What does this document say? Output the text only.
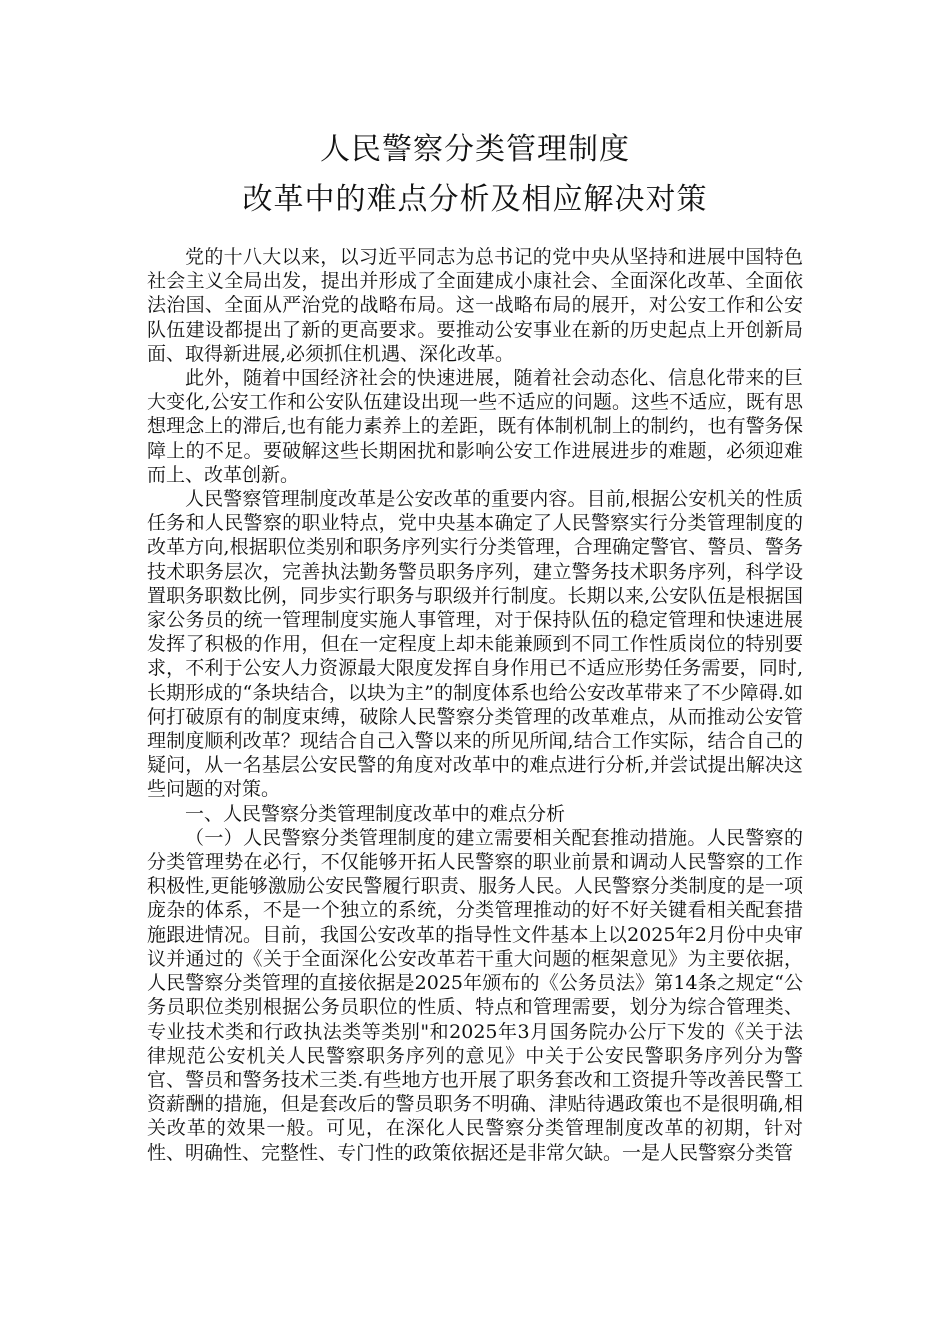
人民警察分类管理制度
改革中的难点分析及相应解决对策

党的十八大以来，以习近平同志为总书记的党中央从坚持和进展中国特色社会主义全局出发，提出并形成了全面建成小康社会、全面深化改革、全面依法治国、全面从严治党的战略布局。这一战略布局的展开，对公安工作和公安队伍建设都提出了新的更高要求。要推动公安事业在新的历史起点上开创新局面、取得新进展,必须抓住机遇、深化改革。

此外，随着中国经济社会的快速进展，随着社会动态化、信息化带来的巨大变化,公安工作和公安队伍建设出现一些不适应的问题。这些不适应，既有思想理念上的滞后,也有能力素养上的差距，既有体制机制上的制约，也有警务保障上的不足。要破解这些长期困扰和影响公安工作进展进步的难题，必须迎难而上、改革创新。

人民警察管理制度改革是公安改革的重要内容。目前,根据公安机关的性质任务和人民警察的职业特点，党中央基本确定了人民警察实行分类管理制度的改革方向,根据职位类别和职务序列实行分类管理，合理确定警官、警员、警务技术职务层次，完善执法勤务警员职务序列，建立警务技术职务序列，科学设置职务职数比例，同步实行职务与职级并行制度。长期以来,公安队伍是根据国家公务员的统一管理制度实施人事管理，对于保持队伍的稳定管理和快速进展发挥了积极的作用，但在一定程度上却未能兼顾到不同工作性质岗位的特别要求，不利于公安人力资源最大限度发挥自身作用已不适应形势任务需要，同时,长期形成的“条块结合，以块为主”的制度体系也给公安改革带来了不少障碍.如何打破原有的制度束缚，破除人民警察分类管理的改革难点，从而推动公安管理制度顺利改革？现结合自己入警以来的所见所闻,结合工作实际，结合自己的疑问，从一名基层公安民警的角度对改革中的难点进行分析,并尝试提出解决这些问题的对策。

一、人民警察分类管理制度改革中的难点分析

（一）人民警察分类管理制度的建立需要相关配套推动措施。人民警察的分类管理势在必行，不仅能够开拓人民警察的职业前景和调动人民警察的工作积极性,更能够激励公安民警履行职责、服务人民。人民警察分类制度的是一项庞杂的体系，不是一个独立的系统，分类管理推动的好不好关键看相关配套措施跟进情况。目前，我国公安改革的指导性文件基本上以2025年2月份中央审议并通过的《关于全面深化公安改革若干重大问题的框架意见》为主要依据，人民警察分类管理的直接依据是2025年颁布的《公务员法》第14条之规定“公务员职位类别根据公务员职位的性质、特点和管理需要，划分为综合管理类、专业技术类和行政执法类等类别"和2025年3月国务院办公厅下发的《关于法律规范公安机关人民警察职务序列的意见》中关于公安民警职务序列分为警官、警员和警务技术三类.有些地方也开展了职务套改和工资提升等改善民警工资薪酬的措施，但是套改后的警员职务不明确、津贴待遇政策也不是很明确,相关改革的效果一般。可见，在深化人民警察分类管理制度改革的初期，针对性、明确性、完整性、专门性的政策依据还是非常欠缺。一是人民警察分类管
